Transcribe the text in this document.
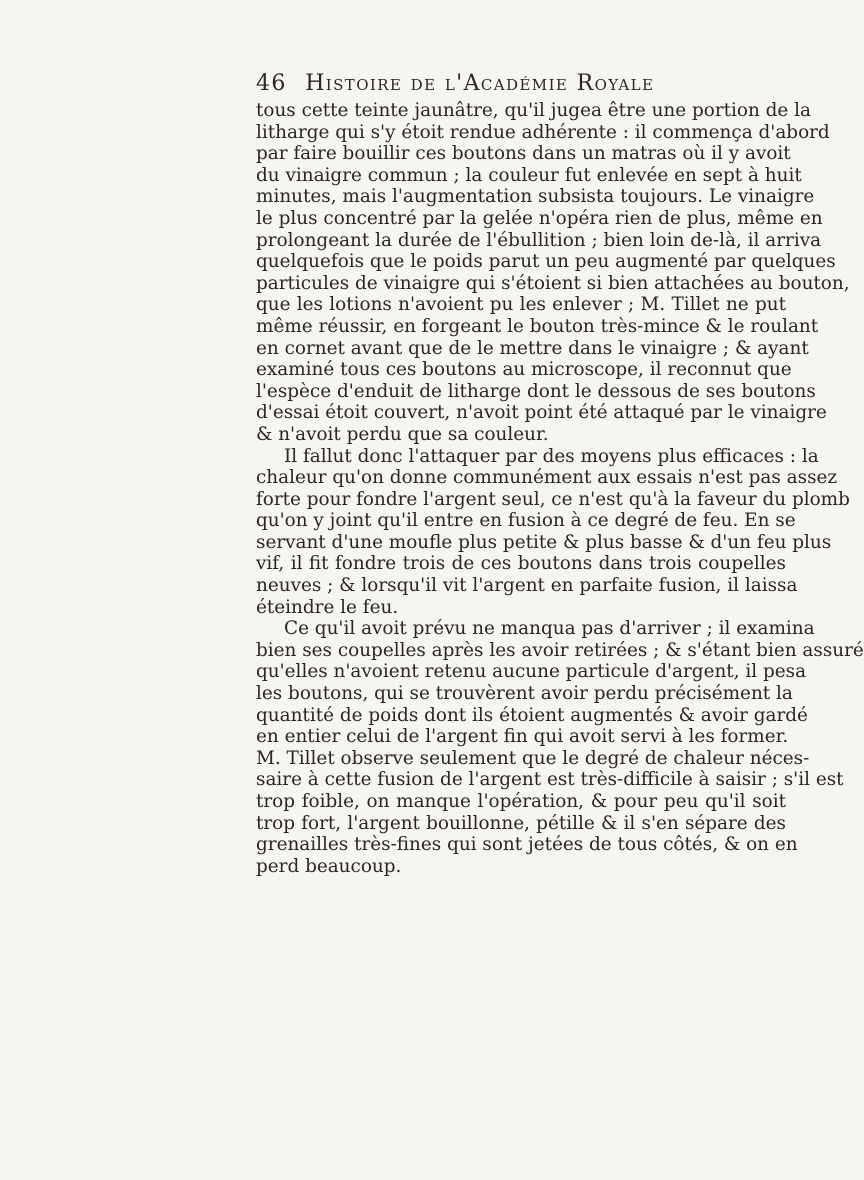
46 Histoire de l'Académie Royale
tous cette teinte jaunâtre, qu'il jugea être une portion de la
litharge qui s'y étoit rendue adhérente : il commença d'abord
par faire bouillir ces boutons dans un matras où il y avoit
du vinaigre commun ; la couleur fut enlevée en sept à huit
minutes, mais l'augmentation subsista toujours. Le vinaigre
le plus concentré par la gelée n'opéra rien de plus, même en
prolongeant la durée de l'ébullition ; bien loin de-là, il arriva
quelquefois que le poids parut un peu augmenté par quelques
particules de vinaigre qui s'étoient si bien attachées au bouton,
que les lotions n'avoient pu les enlever ; M. Tillet ne put
même réussir, en forgeant le bouton très-mince & le roulant
en cornet avant que de le mettre dans le vinaigre ; & ayant
examiné tous ces boutons au microscope, il reconnut que
l'espèce d'enduit de litharge dont le dessous de ses boutons
d'essai étoit couvert, n'avoit point été attaqué par le vinaigre
& n'avoit perdu que sa couleur.
Il fallut donc l'attaquer par des moyens plus efficaces : la
chaleur qu'on donne communément aux essais n'est pas assez
forte pour fondre l'argent seul, ce n'est qu'à la faveur du plomb
qu'on y joint qu'il entre en fusion à ce degré de feu. En se
servant d'une moufle plus petite & plus basse & d'un feu plus
vif, il fit fondre trois de ces boutons dans trois coupelles
neuves ; & lorsqu'il vit l'argent en parfaite fusion, il laissa
éteindre le feu.
Ce qu'il avoit prévu ne manqua pas d'arriver ; il examina
bien ses coupelles après les avoir retirées ; & s'étant bien assuré
qu'elles n'avoient retenu aucune particule d'argent, il pesa
les boutons, qui se trouvèrent avoir perdu précisément la
quantité de poids dont ils étoient augmentés & avoir gardé
en entier celui de l'argent fin qui avoit servi à les former.
M. Tillet observe seulement que le degré de chaleur néces-
saire à cette fusion de l'argent est très-difficile à saisir ; s'il est
trop foible, on manque l'opération, & pour peu qu'il soit
trop fort, l'argent bouillonne, pétille & il s'en sépare des
grenailles très-fines qui sont jetées de tous côtés, & on en
perd beaucoup.
